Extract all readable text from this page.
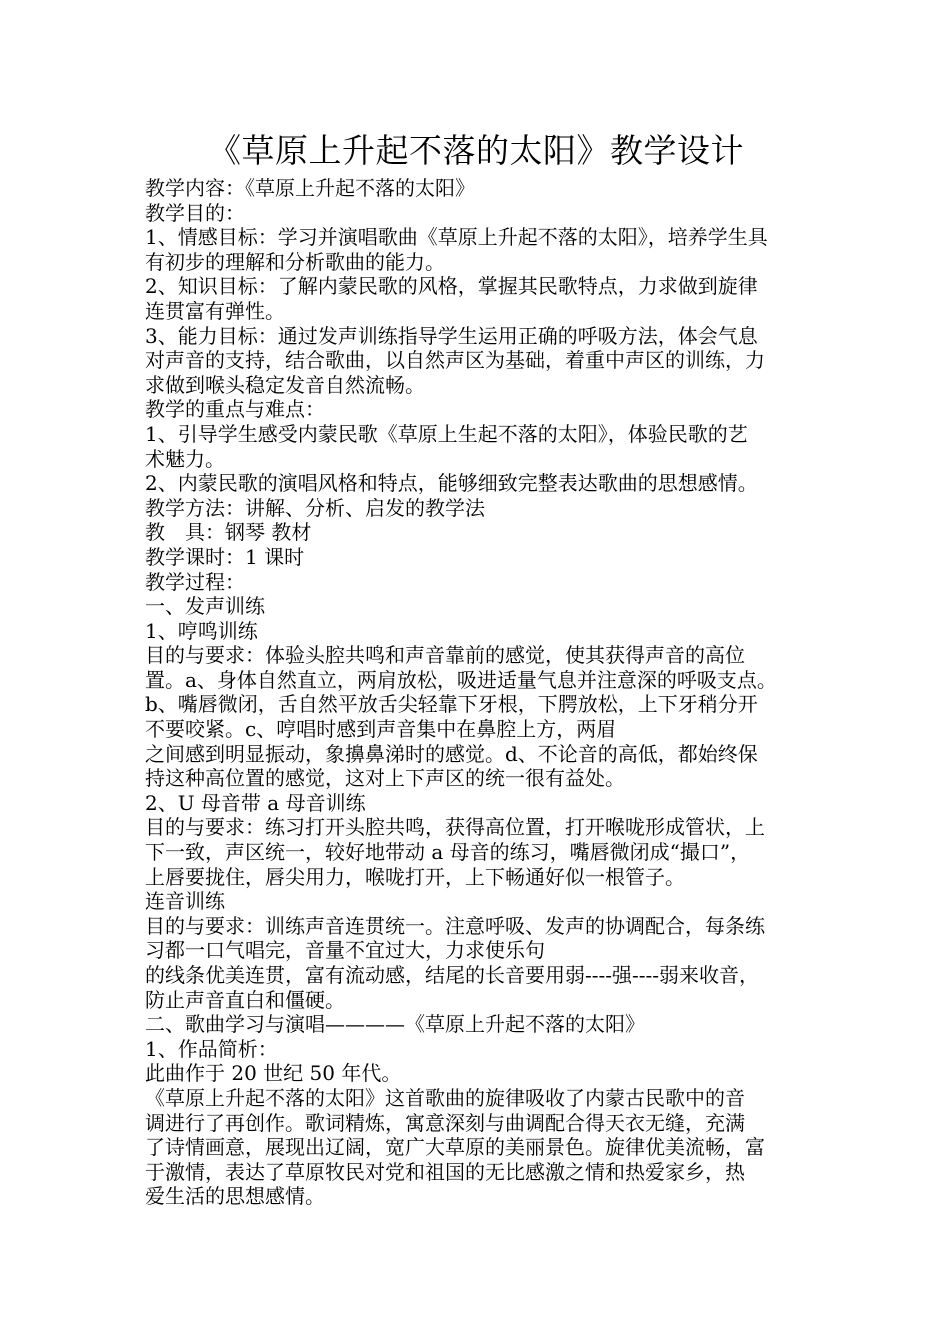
《草原上升起不落的太阳》教学设计

教学内容：《草原上升起不落的太阳》

教学目的：

1、情感目标：学习并演唱歌曲《草原上升起不落的太阳》，培养学生具

有初步的理解和分析歌曲的能力。

2、知识目标：了解内蒙民歌的风格，掌握其民歌特点，力求做到旋律

连贯富有弹性。

3、能力目标：通过发声训练指导学生运用正确的呼吸方法，体会气息

对声音的支持，结合歌曲，以自然声区为基础，着重中声区的训练，力

求做到喉头稳定发音自然流畅。

教学的重点与难点：

1、引导学生感受内蒙民歌《草原上生起不落的太阳》，体验民歌的艺

术魅力。

2、内蒙民歌的演唱风格和特点，能够细致完整表达歌曲的思想感情。

教学方法：讲解、分析、启发的教学法

教　具：钢琴 教材

教学课时：1 课时

教学过程：

一、发声训练

1、哼鸣训练

目的与要求：体验头腔共鸣和声音靠前的感觉，使其获得声音的高位

置。a、身体自然直立，两肩放松，吸进适量气息并注意深的呼吸支点。

b、嘴唇微闭，舌自然平放舌尖轻靠下牙根，下腭放松，上下牙稍分开

不要咬紧。c、哼唱时感到声音集中在鼻腔上方，两眉

之间感到明显振动，象擤鼻涕时的感觉。d、不论音的高低，都始终保

持这种高位置的感觉，这对上下声区的统一很有益处。

2、U 母音带 a 母音训练

目的与要求：练习打开头腔共鸣，获得高位置，打开喉咙形成管状，上

下一致，声区统一，较好地带动 a 母音的练习，嘴唇微闭成“撮口”，

上唇要拢住，唇尖用力，喉咙打开，上下畅通好似一根管子。

连音训练

目的与要求：训练声音连贯统一。注意呼吸、发声的协调配合，每条练

习都一口气唱完，音量不宜过大，力求使乐句

的线条优美连贯，富有流动感，结尾的长音要用弱----强----弱来收音，

防止声音直白和僵硬。

二、歌曲学习与演唱————《草原上升起不落的太阳》

1、作品简析：

此曲作于 20 世纪 50 年代。

《草原上升起不落的太阳》这首歌曲的旋律吸收了内蒙古民歌中的音

调进行了再创作。歌词精炼，寓意深刻与曲调配合得天衣无缝，充满

了诗情画意，展现出辽阔，宽广大草原的美丽景色。旋律优美流畅，富

于激情，表达了草原牧民对党和祖国的无比感激之情和热爱家乡，热

爱生活的思想感情。
